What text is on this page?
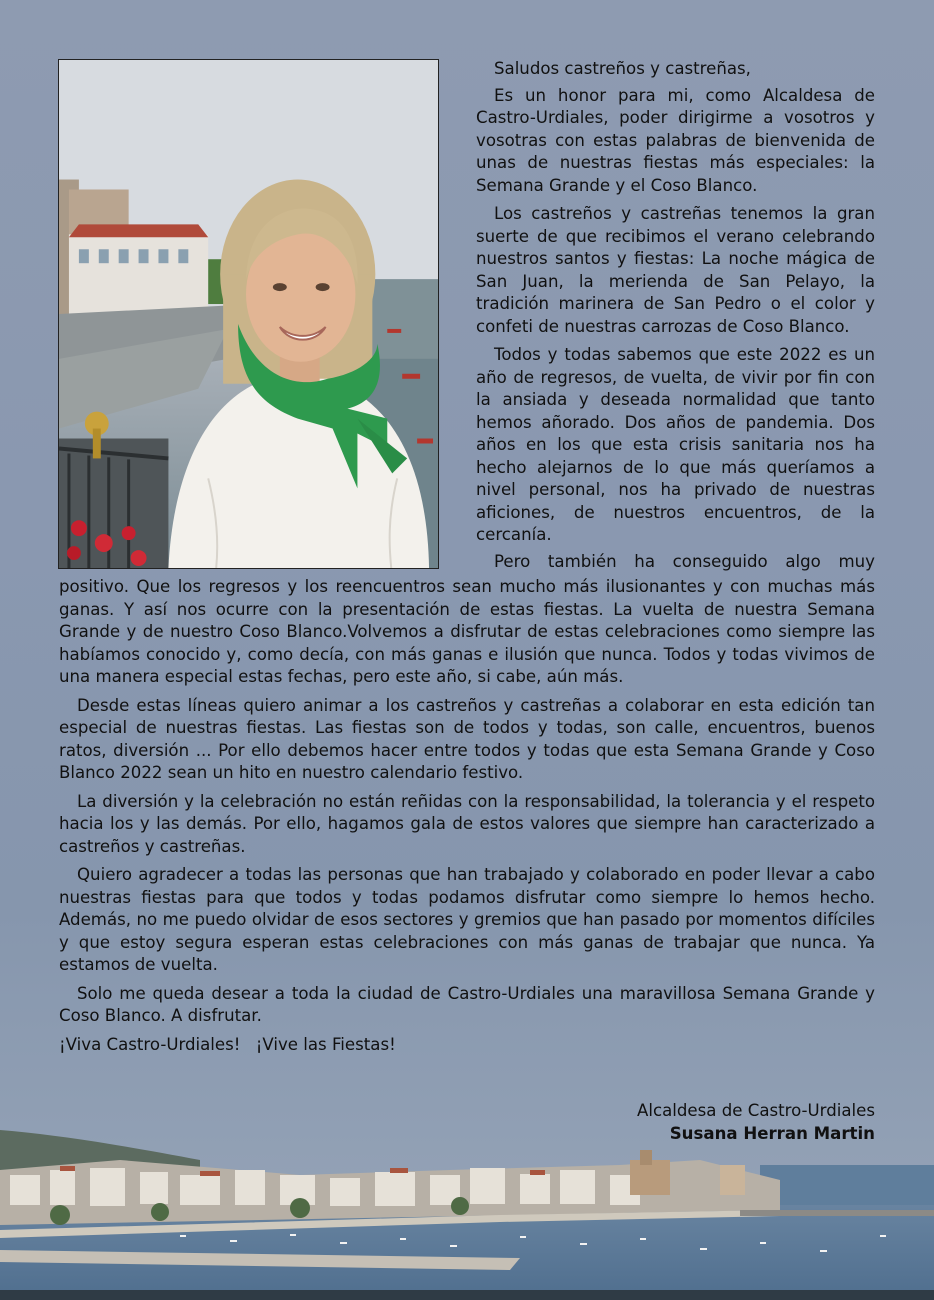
Saludos castreños y castreñas,

Es un honor para mi, como Alcaldesa de Castro-Urdiales, poder dirigirme a vosotros y vosotras con estas palabras de bienvenida de unas de nuestras fiestas más especiales: la Semana Grande y el Coso Blanco.

Los castreños y castreñas tenemos la gran suerte de que recibimos el verano celebrando nuestros santos y fiestas: La noche mágica de San Juan, la merienda de San Pelayo, la tradición marinera de San Pedro o el color y confeti de nuestras carrozas de Coso Blanco.

Todos y todas sabemos que este 2022 es un año de regresos, de vuelta, de vivir por fin con la ansiada y deseada normalidad que tanto hemos añorado. Dos años de pandemia. Dos años en los que esta crisis sanitaria nos ha hecho alejarnos de lo que más queríamos a nivel personal, nos ha privado de nuestras aficiones, de nuestros encuentros, de la cercanía.

Pero también ha conseguido algo muy

positivo. Que los regresos y los reencuentros sean mucho más ilusionantes y con muchas más ganas. Y así nos ocurre con la presentación de estas fiestas. La vuelta de nuestra Semana Grande y de nuestro Coso Blanco.Volvemos a disfrutar de estas celebraciones como siempre las habíamos conocido y, como decía, con más ganas e ilusión que nunca. Todos y todas vivimos de una manera especial estas fechas, pero este año, si cabe, aún más.

Desde estas líneas quiero animar a los castreños y castreñas a colaborar en esta edición tan especial de nuestras fiestas. Las fiestas son de todos y todas, son calle, encuentros, buenos ratos, diversión ... Por ello debemos hacer entre todos y todas que esta Semana Grande y Coso Blanco 2022 sean un hito en nuestro calendario festivo.

La diversión y la celebración no están reñidas con la responsabilidad, la tolerancia y el respeto hacia los y las demás. Por ello, hagamos gala de estos valores que siempre han caracterizado a castreños y castreñas.

Quiero agradecer a todas las personas que han trabajado y colaborado en poder llevar a cabo nuestras fiestas para que todos y todas podamos disfrutar como siempre lo hemos hecho. Además, no me puedo olvidar de esos sectores y gremios que han pasado por momentos difíciles y que estoy segura esperan estas celebraciones con más ganas de trabajar que nunca. Ya estamos de vuelta.

Solo me queda desear a toda la ciudad de Castro-Urdiales una maravillosa Semana Grande y Coso Blanco. A disfrutar.

¡Viva Castro-Urdiales! ¡Vive las Fiestas!

Alcaldesa de Castro-Urdiales
Susana Herran Martin
